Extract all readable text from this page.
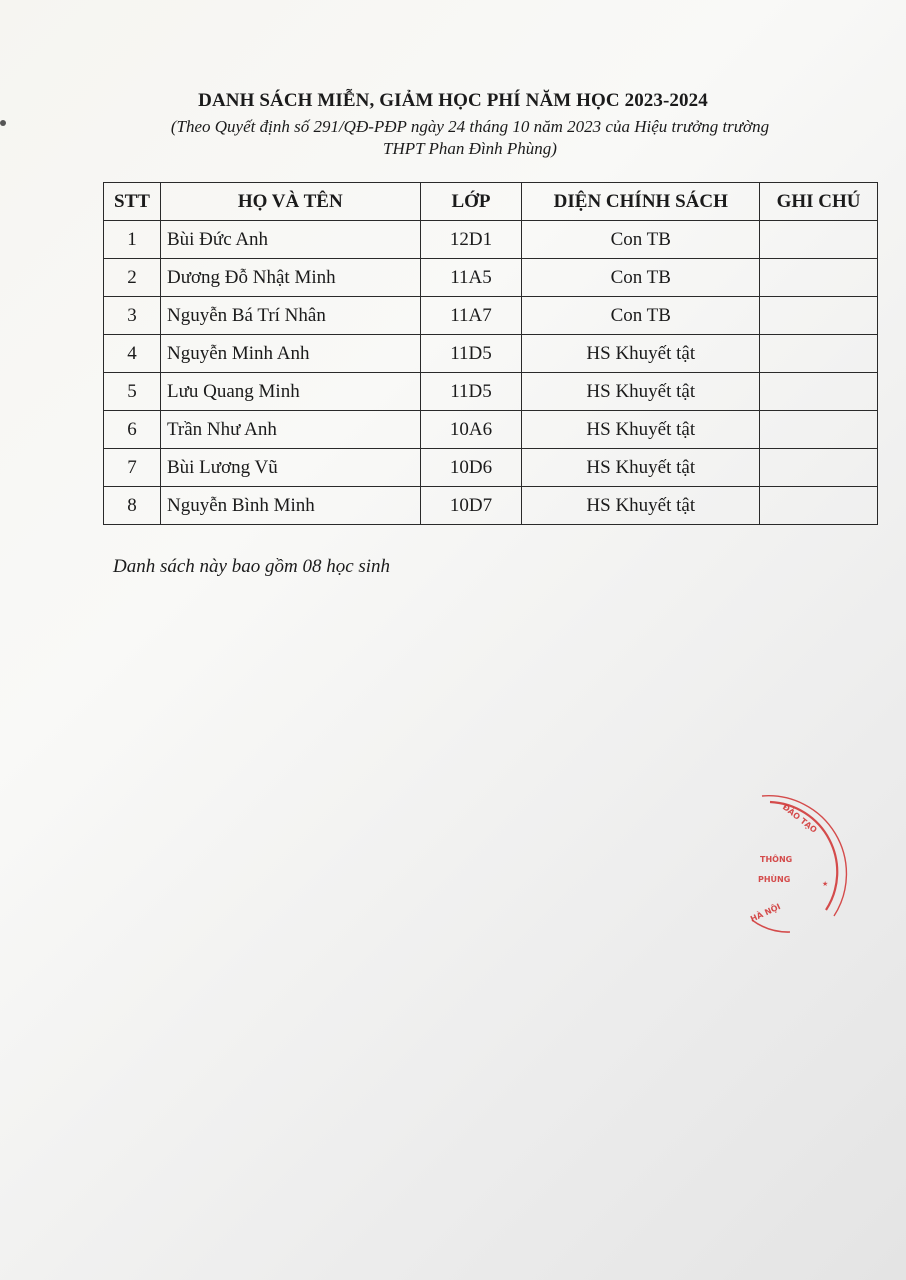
DANH SÁCH MIỄN, GIẢM HỌC PHÍ NĂM HỌC 2023-2024
(Theo Quyết định số 291/QĐ-PĐP ngày 24 tháng 10 năm 2023 của Hiệu trưởng trường
THPT Phan Đình Phùng)
STT	HỌ VÀ TÊN	LỚP	DIỆN CHÍNH SÁCH	GHI CHÚ
1	Bùi Đức Anh	12D1	Con TB	
2	Dương Đỗ Nhật Minh	11A5	Con TB	
3	Nguyễn Bá Trí Nhân	11A7	Con TB	
4	Nguyễn Minh Anh	11D5	HS Khuyết tật	
5	Lưu Quang Minh	11D5	HS Khuyết tật	
6	Trần Như Anh	10A6	HS Khuyết tật	
7	Bùi Lương Vũ	10D6	HS Khuyết tật	
8	Nguyễn Bình Minh	10D7	HS Khuyết tật	
Danh sách này bao gồm 08 học sinh
ĐÀO TẠO
THÔNG
PHÙNG
HÀ NỘI
★
